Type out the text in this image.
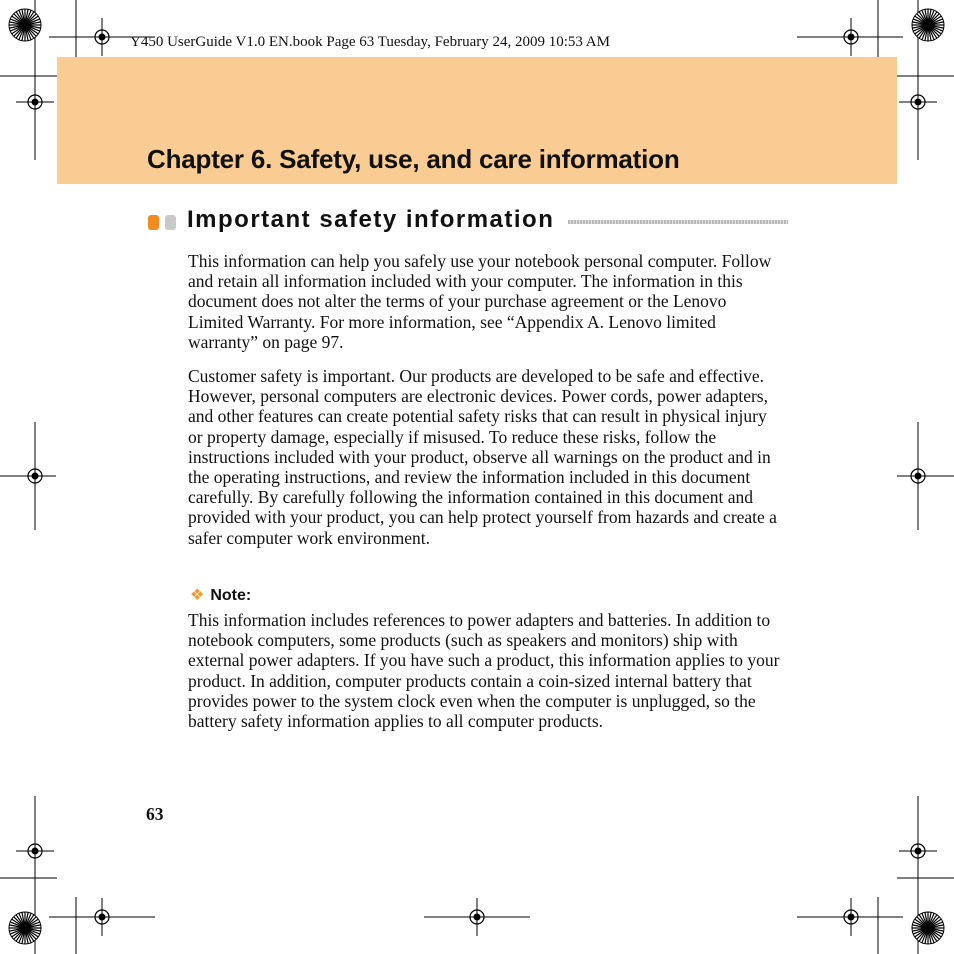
Y450 UserGuide V1.0 EN.book Page 63 Tuesday, February 24, 2009 10:53 AM
Chapter 6. Safety, use, and care information
Important safety information

This information can help you safely use your notebook personal computer. Follow and retain all information included with your computer. The information in this document does not alter the terms of your purchase agreement or the Lenovo Limited Warranty. For more information, see “Appendix A. Lenovo limited warranty” on page 97.

Customer safety is important. Our products are developed to be safe and effective. However, personal computers are electronic devices. Power cords, power adapters, and other features can create potential safety risks that can result in physical injury or property damage, especially if misused. To reduce these risks, follow the instructions included with your product, observe all warnings on the product and in the operating instructions, and review the information included in this document carefully. By carefully following the information contained in this document and provided with your product, you can help protect yourself from hazards and create a safer computer work environment.

❖ Note:

This information includes references to power adapters and batteries. In addition to notebook computers, some products (such as speakers and monitors) ship with external power adapters. If you have such a product, this information applies to your product. In addition, computer products contain a coin-sized internal battery that provides power to the system clock even when the computer is unplugged, so the battery safety information applies to all computer products.

63
